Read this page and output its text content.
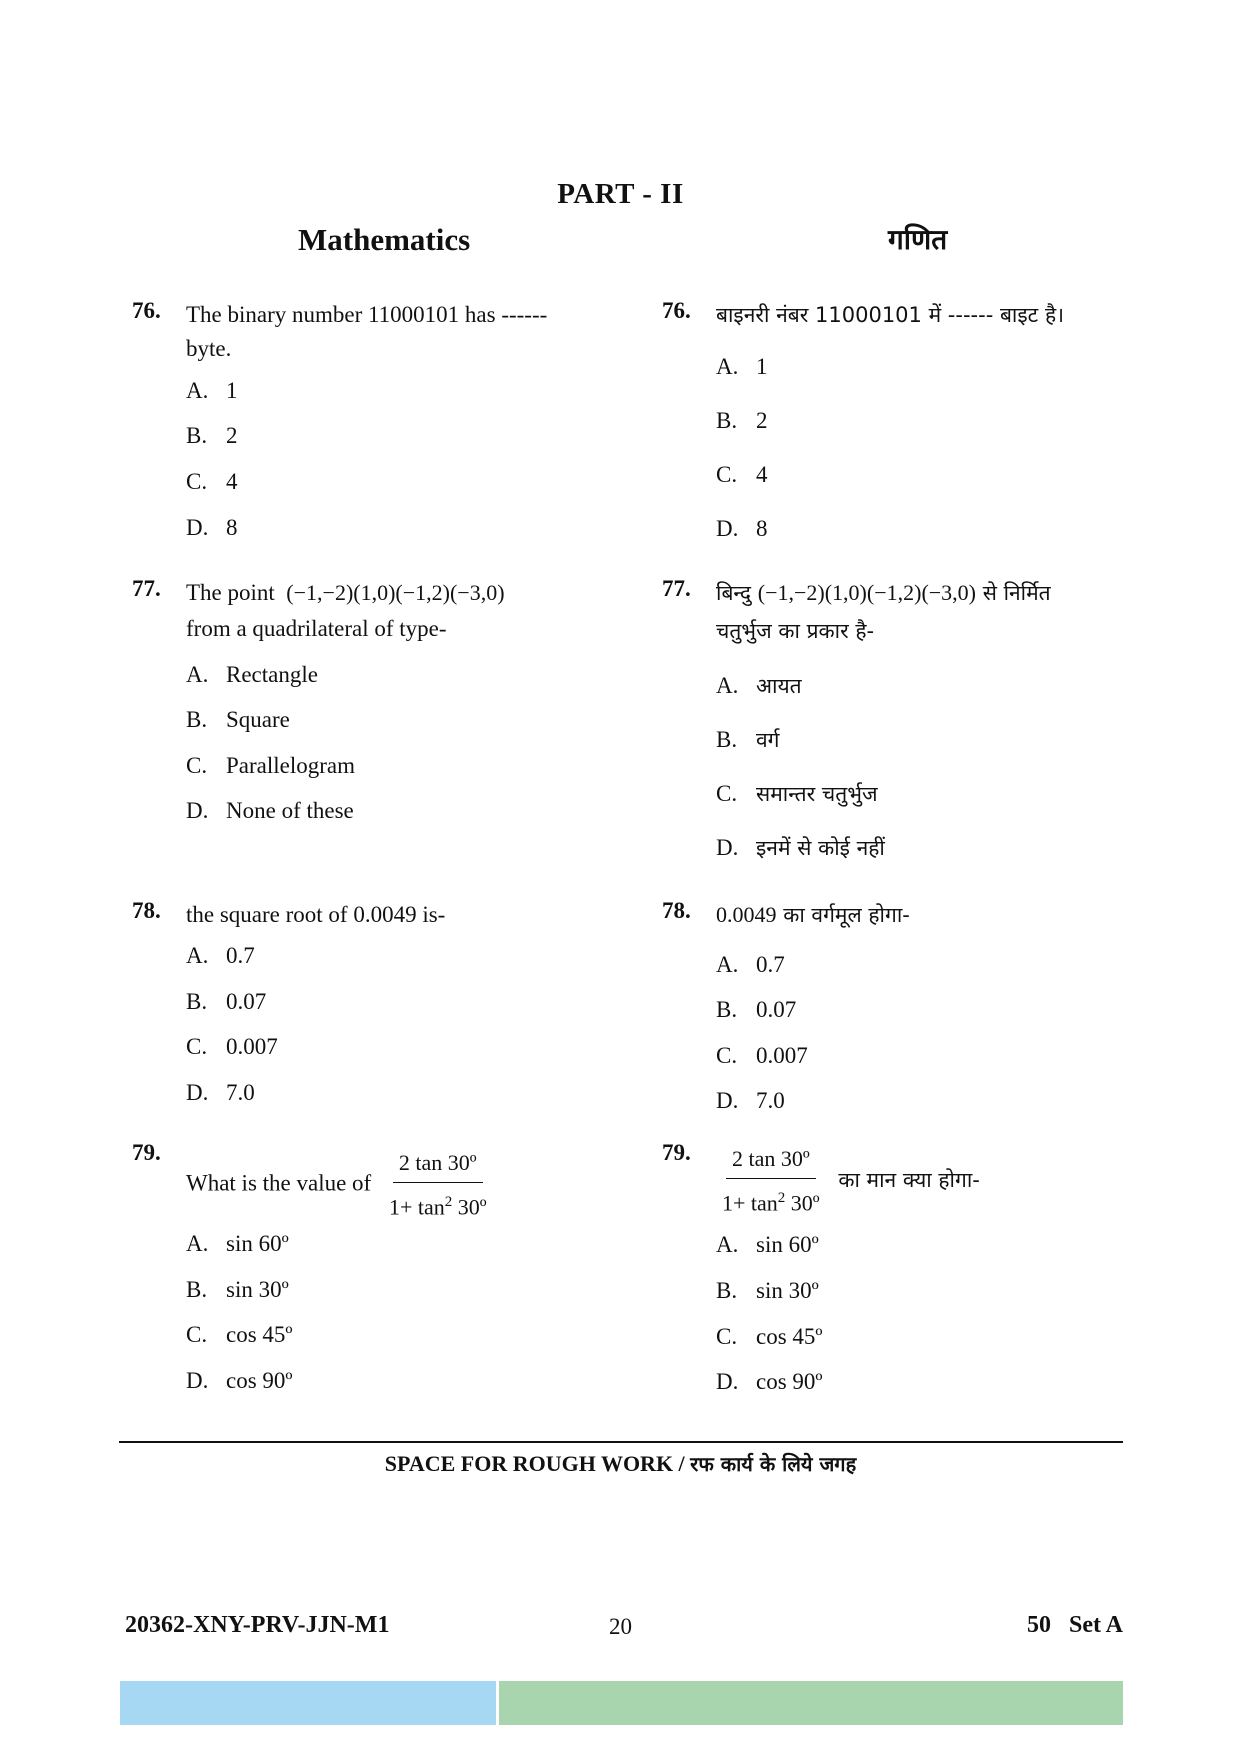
PART - II
Mathematics	गणित
76. The binary number 11000101 has ------
byte.
A. 1
B. 2
C. 4
D. 8
77. The point (−1,−2)(1,0)(−1,2)(−3,0)
from a quadrilateral of type-
A. Rectangle
B. Square
C. Parallelogram
D. None of these
78. the square root of 0.0049 is-
A. 0.7
B. 0.07
C. 0.007
D. 7.0
79.
What is the value of $\frac{\text{2 tan 30º}}{1+ \tan^2 30º}$
A. sin 60º
B. sin 30º
C. cos 45º
D. cos 90º
76. बाइनरी नंबर 11000101 में ------ बाइट है।
A. 1
B. 2
C. 4
D. 8
77. बिन्दु (−1,−2)(1,0)(−1,2)(−3,0) से निर्मित
चतुर्भुज का प्रकार है-
A. आयत
B. वर्ग
C. समान्तर चतुर्भुज
D. इनमें से कोई नहीं
78. 0.0049 का वर्गमूल होगा-
A. 0.7
B. 0.07
C. 0.007
D. 7.0
79. $\frac{\text{2 tan 30º}}{1+ \tan^2 30º}$ का मान क्या होगा-
A. sin 60º
B. sin 30º
C. cos 45º
D. cos 90º
SPACE FOR ROUGH WORK / रफ कार्य के लिये जगह
20362-XNY-PRV-JJN-M1	20	50   Set A
